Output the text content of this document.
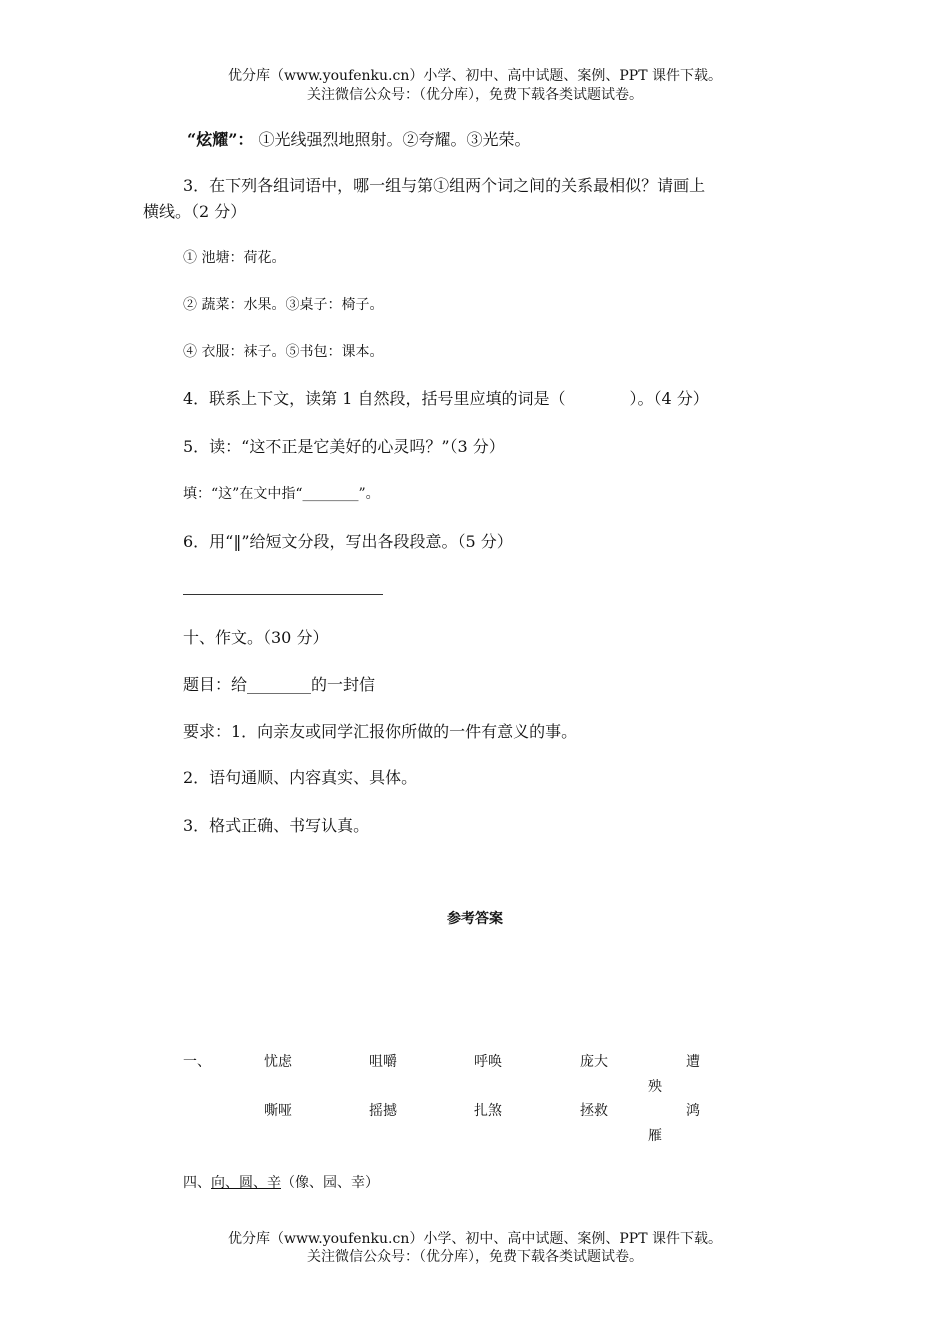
优分库（www.youfenku.cn）小学、初中、高中试题、案例、PPT 课件下载。
关注微信公众号：（优分库），免费下载各类试题试卷。
“炫耀”： ①光线强烈地照射。②夸耀。③光荣。
3．在下列各组词语中，哪一组与第①组两个词之间的关系最相似？请画上
横线。（2 分）
① 池塘：荷花。
② 蔬菜：水果。③桌子：椅子。
④ 衣服：袜子。⑤书包：课本。
4．联系上下文，读第 1 自然段，括号里应填的词是（　　　　）。（4 分）
5．读：“这不正是它美好的心灵吗？”（3 分）
填：“这”在文中指“________”。
6．用“‖”给短文分段，写出各段段意。（5 分）
十、作文。（30 分）
题目：给________的一封信
要求：1．向亲友或同学汇报你所做的一件有意义的事。
2．语句通顺、内容真实、具体。
3．格式正确、书写认真。
参考答案
一、	忧虑	咀嚼	呼唤	庞大	遭
殃
嘶哑	摇撼	扎煞	拯救	鸿
雁
四、向、圆、辛（像、园、幸）
优分库（www.youfenku.cn）小学、初中、高中试题、案例、PPT 课件下载。
关注微信公众号：（优分库），免费下载各类试题试卷。
